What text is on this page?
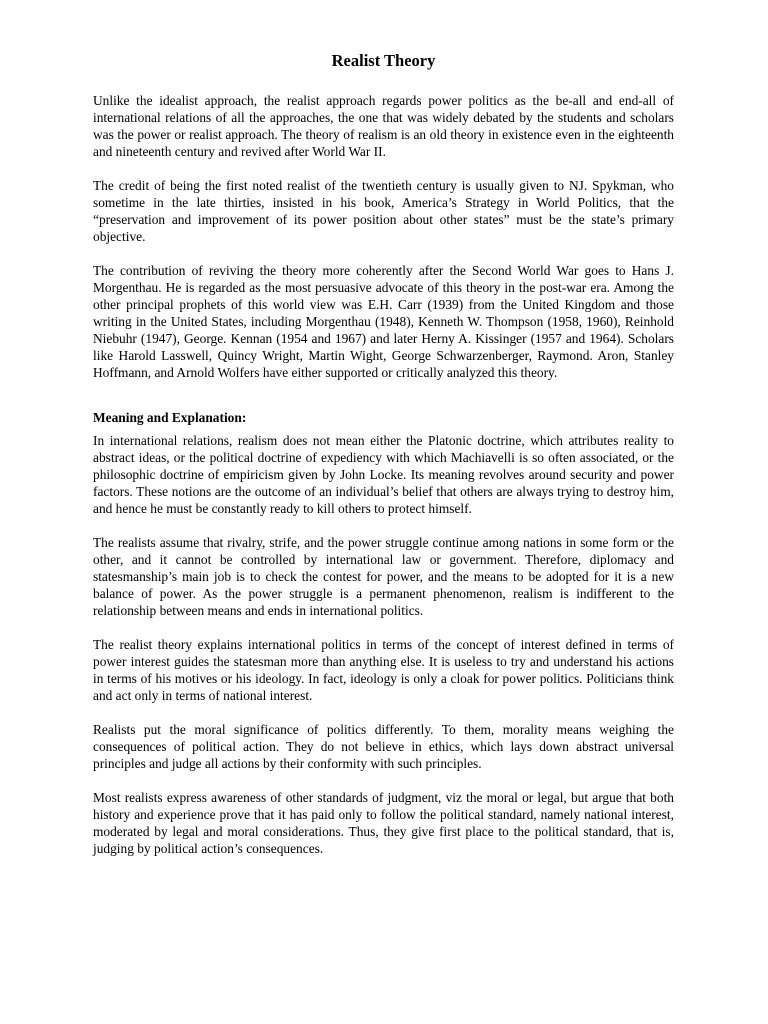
Realist Theory

Unlike the idealist approach, the realist approach regards power politics as the be-all and end-all of international relations of all the approaches, the one that was widely debated by the students and scholars was the power or realist approach. The theory of realism is an old theory in existence even in the eighteenth and nineteenth century and revived after World War II.

The credit of being the first noted realist of the twentieth century is usually given to NJ. Spykman, who sometime in the late thirties, insisted in his book, America’s Strategy in World Politics, that the “preservation and improvement of its power position about other states” must be the state’s primary objective.

The contribution of reviving the theory more coherently after the Second World War goes to Hans J. Morgenthau. He is regarded as the most persuasive advocate of this theory in the post-war era. Among the other principal prophets of this world view was E.H. Carr (1939) from the United Kingdom and those writing in the United States, including Morgenthau (1948), Kenneth W. Thompson (1958, 1960), Reinhold Niebuhr (1947), George. Kennan (1954 and 1967) and later Herny A. Kissinger (1957 and 1964). Scholars like Harold Lasswell, Quincy Wright, Martin Wight, George Schwarzenberger, Raymond. Aron, Stanley Hoffmann, and Arnold Wolfers have either supported or critically analyzed this theory.

Meaning and Explanation:

In international relations, realism does not mean either the Platonic doctrine, which attributes reality to abstract ideas, or the political doctrine of expediency with which Machiavelli is so often associated, or the philosophic doctrine of empiricism given by John Locke. Its meaning revolves around security and power factors. These notions are the outcome of an individual’s belief that others are always trying to destroy him, and hence he must be constantly ready to kill others to protect himself.

The realists assume that rivalry, strife, and the power struggle continue among nations in some form or the other, and it cannot be controlled by international law or government. Therefore, diplomacy and statesmanship’s main job is to check the contest for power, and the means to be adopted for it is a new balance of power. As the power struggle is a permanent phenomenon, realism is indifferent to the relationship between means and ends in international politics.

The realist theory explains international politics in terms of the concept of interest defined in terms of power interest guides the statesman more than anything else. It is useless to try and understand his actions in terms of his motives or his ideology. In fact, ideology is only a cloak for power politics. Politicians think and act only in terms of national interest.

Realists put the moral significance of politics differently. To them, morality means weighing the consequences of political action. They do not believe in ethics, which lays down abstract universal principles and judge all actions by their conformity with such principles.

Most realists express awareness of other standards of judgment, viz the moral or legal, but argue that both history and experience prove that it has paid only to follow the political standard, namely national interest, moderated by legal and moral considerations. Thus, they give first place to the political standard, that is, judging by political action’s consequences.
